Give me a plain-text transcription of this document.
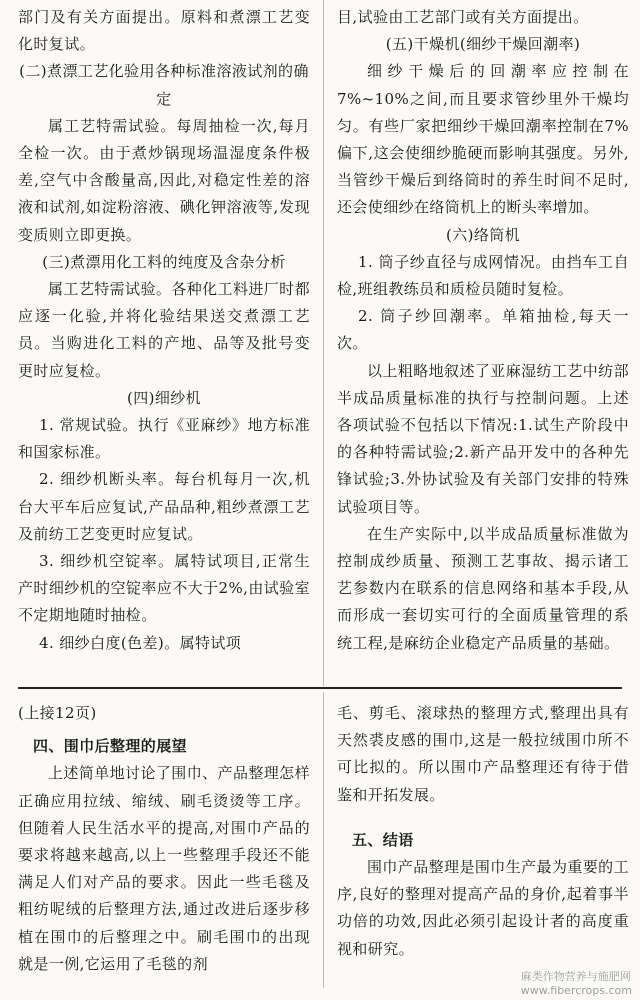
部门及有关方面提出。原料和煮漂工艺变化时复试。

(二)煮漂工艺化验用各种标准溶液试剂的确定

属工艺特需试验。每周抽检一次,每月全检一次。由于煮炒锅现场温湿度条件极差,空气中含酸量高,因此,对稳定性差的溶液和试剂,如淀粉溶液、碘化钾溶液等,发现变质则立即更换。

(三)煮漂用化工料的纯度及含杂分析

属工艺特需试验。各种化工料进厂时都应逐一化验,并将化验结果送交煮漂工艺员。当购进化工料的产地、品等及批号变更时应复检。

(四)细纱机

1. 常规试验。执行《亚麻纱》地方标准和国家标准。

2. 细纱机断头率。每台机每月一次,机台大平车后应复试,产品品种,粗纱煮漂工艺及前纺工艺变更时应复试。

3. 细纱机空锭率。属特试项目,正常生产时细纱机的空锭率应不大于2%,由试验室不定期地随时抽检。

4. 细纱白度(色差)。属特试项

目,试验由工艺部门或有关方面提出。

(五)干燥机(细纱干燥回潮率)

细纱干燥后的回潮率应控制在7%~10%之间,而且要求管纱里外干燥均匀。有些厂家把细纱干燥回潮率控制在7%偏下,这会使细纱脆硬而影响其强度。另外,当管纱干燥后到络筒时的养生时间不足时,还会使细纱在络筒机上的断头率增加。

(六)络筒机

1. 筒子纱直径与成网情况。由挡车工自检,班组教练员和质检员随时复检。

2. 筒子纱回潮率。单箱抽检,每天一次。

以上粗略地叙述了亚麻湿纺工艺中纺部半成品质量标准的执行与控制问题。上述各项试验不包括以下情况:1.试生产阶段中的各种特需试验;2.新产品开发中的各种先锋试验;3.外协试验及有关部门安排的特殊试验项目等。

在生产实际中,以半成品质量标准做为控制成纱质量、预测工艺事故、揭示诸工艺参数内在联系的信息网络和基本手段,从而形成一套切实可行的全面质量管理的系统工程,是麻纺企业稳定产品质量的基础。

(上接12页)

四、围巾后整理的展望

上述简单地讨论了围巾、产品整理怎样正确应用拉绒、缩绒、刷毛烫烫等工序。但随着人民生活水平的提高,对围巾产品的要求将越来越高,以上一些整理手段还不能满足人们对产品的要求。因此一些毛毯及粗纺呢绒的后整理方法,通过改进后逐步移植在围巾的后整理之中。刷毛围巾的出现就是一例,它运用了毛毯的剂

毛、剪毛、滚球热的整理方式,整理出具有天然裘皮感的围巾,这是一般拉绒围巾所不可比拟的。所以围巾产品整理还有待于借鉴和开拓发展。

五、结语

围巾产品整理是围巾生产最为重要的工序,良好的整理对提高产品的身价,起着事半功倍的功效,因此必须引起设计者的高度重视和研究。

麻类作物营养与施肥网
www.fibercrops.com
